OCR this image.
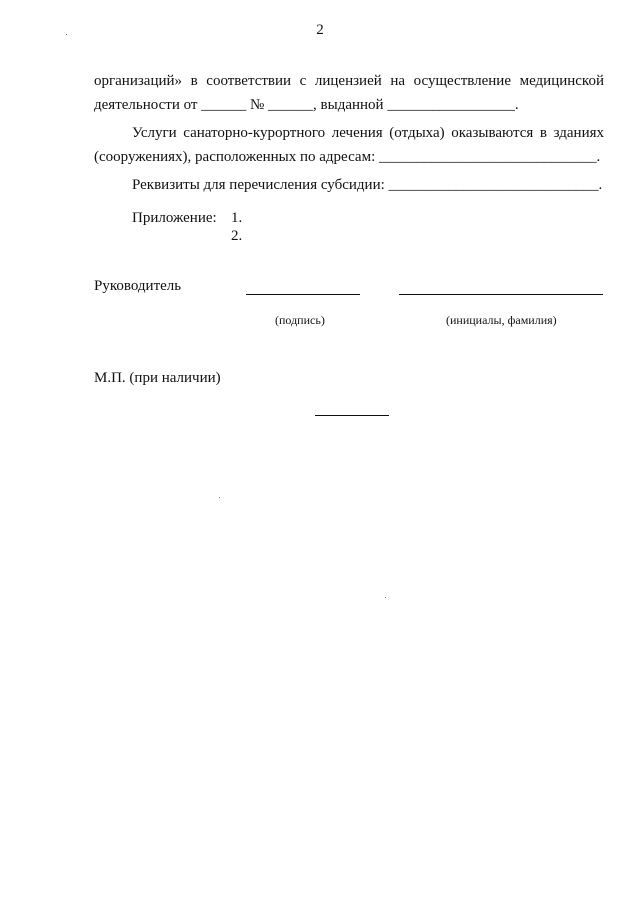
2
организаций» в соответствии с лицензией на осуществление медицинской
деятельности от ______ № ______, выданной _________________.
Услуги санаторно-курортного лечения (отдыха) оказываются в зданиях
(сооружениях), расположенных по адресам: _____________________________.
Реквизиты для перечисления субсидии: ____________________________.
Приложение: 1.
2.
Руководитель
(подпись)	(инициалы, фамилия)
М.П. (при наличии)
